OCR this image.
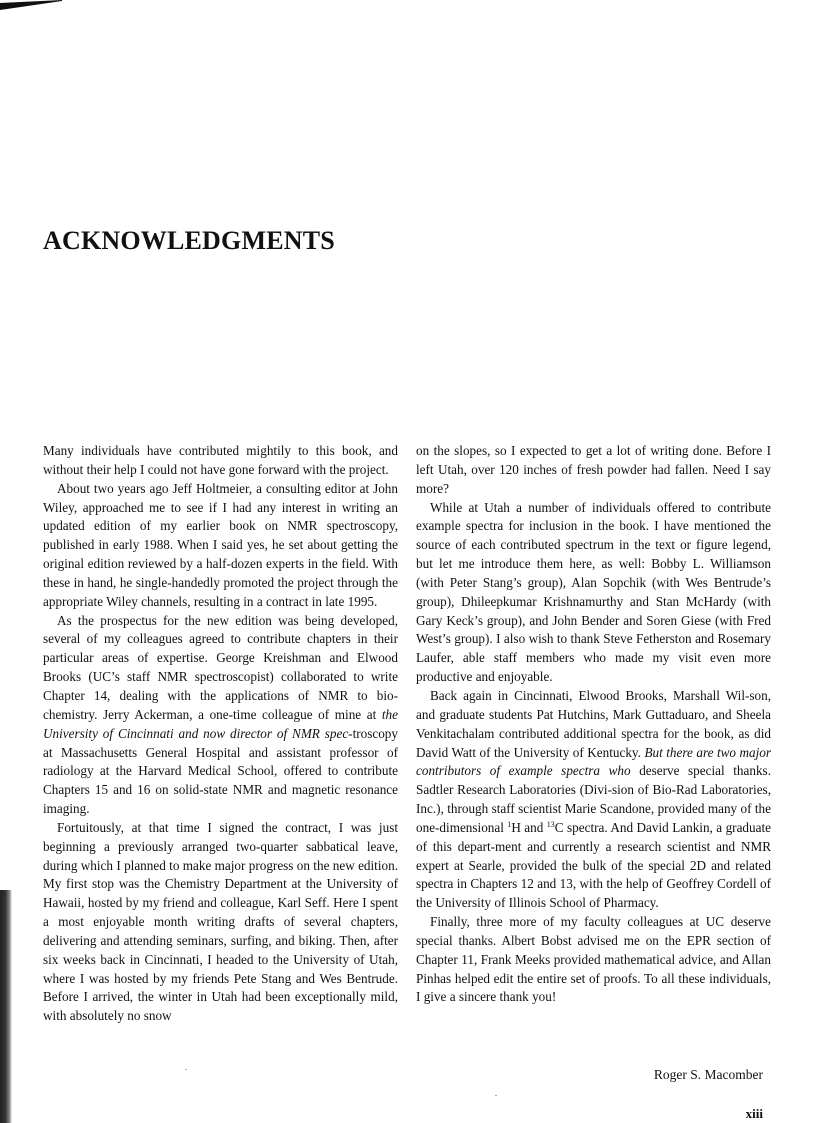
ACKNOWLEDGMENTS

Many individuals have contributed mightily to this book, and without their help I could not have gone forward with the project.

About two years ago Jeff Holtmeier, a consulting editor at John Wiley, approached me to see if I had any interest in writing an updated edition of my earlier book on NMR spectroscopy, published in early 1988. When I said yes, he set about getting the original edition reviewed by a half-dozen experts in the field. With these in hand, he single-handedly promoted the project through the appropriate Wiley channels, resulting in a contract in late 1995.

As the prospectus for the new edition was being developed, several of my colleagues agreed to contribute chapters in their particular areas of expertise. George Kreishman and Elwood Brooks (UC’s staff NMR spectroscopist) collaborated to write Chapter 14, dealing with the applications of NMR to bio-chemistry. Jerry Ackerman, a one-time colleague of mine at the University of Cincinnati and now director of NMR spec-troscopy at Massachusetts General Hospital and assistant professor of radiology at the Harvard Medical School, offered to contribute Chapters 15 and 16 on solid-state NMR and magnetic resonance imaging.

Fortuitously, at that time I signed the contract, I was just beginning a previously arranged two-quarter sabbatical leave, during which I planned to make major progress on the new edition. My first stop was the Chemistry Department at the University of Hawaii, hosted by my friend and colleague, Karl Seff. Here I spent a most enjoyable month writing drafts of several chapters, delivering and attending seminars, surfing, and biking. Then, after six weeks back in Cincinnati, I headed to the University of Utah, where I was hosted by my friends Pete Stang and Wes Bentrude. Before I arrived, the winter in Utah had been exceptionally mild, with absolutely no snow

on the slopes, so I expected to get a lot of writing done. Before I left Utah, over 120 inches of fresh powder had fallen. Need I say more?

While at Utah a number of individuals offered to contribute example spectra for inclusion in the book. I have mentioned the source of each contributed spectrum in the text or figure legend, but let me introduce them here, as well: Bobby L. Williamson (with Peter Stang’s group), Alan Sopchik (with Wes Bentrude’s group), Dhileepkumar Krishnamurthy and Stan McHardy (with Gary Keck’s group), and John Bender and Soren Giese (with Fred West’s group). I also wish to thank Steve Fetherston and Rosemary Laufer, able staff members who made my visit even more productive and enjoyable.

Back again in Cincinnati, Elwood Brooks, Marshall Wil-son, and graduate students Pat Hutchins, Mark Guttaduaro, and Sheela Venkitachalam contributed additional spectra for the book, as did David Watt of the University of Kentucky. But there are two major contributors of example spectra who deserve special thanks. Sadtler Research Laboratories (Divi-sion of Bio-Rad Laboratories, Inc.), through staff scientist Marie Scandone, provided many of the one-dimensional $^1$H and $^{13}$C spectra. And David Lankin, a graduate of this depart-ment and currently a research scientist and NMR expert at Searle, provided the bulk of the special 2D and related spectra in Chapters 12 and 13, with the help of Geoffrey Cordell of the University of Illinois School of Pharmacy.

Finally, three more of my faculty colleagues at UC deserve special thanks. Albert Bobst advised me on the EPR section of Chapter 11, Frank Meeks provided mathematical advice, and Allan Pinhas helped edit the entire set of proofs. To all these individuals, I give a sincere thank you!

Roger S. Macomber
xiii
